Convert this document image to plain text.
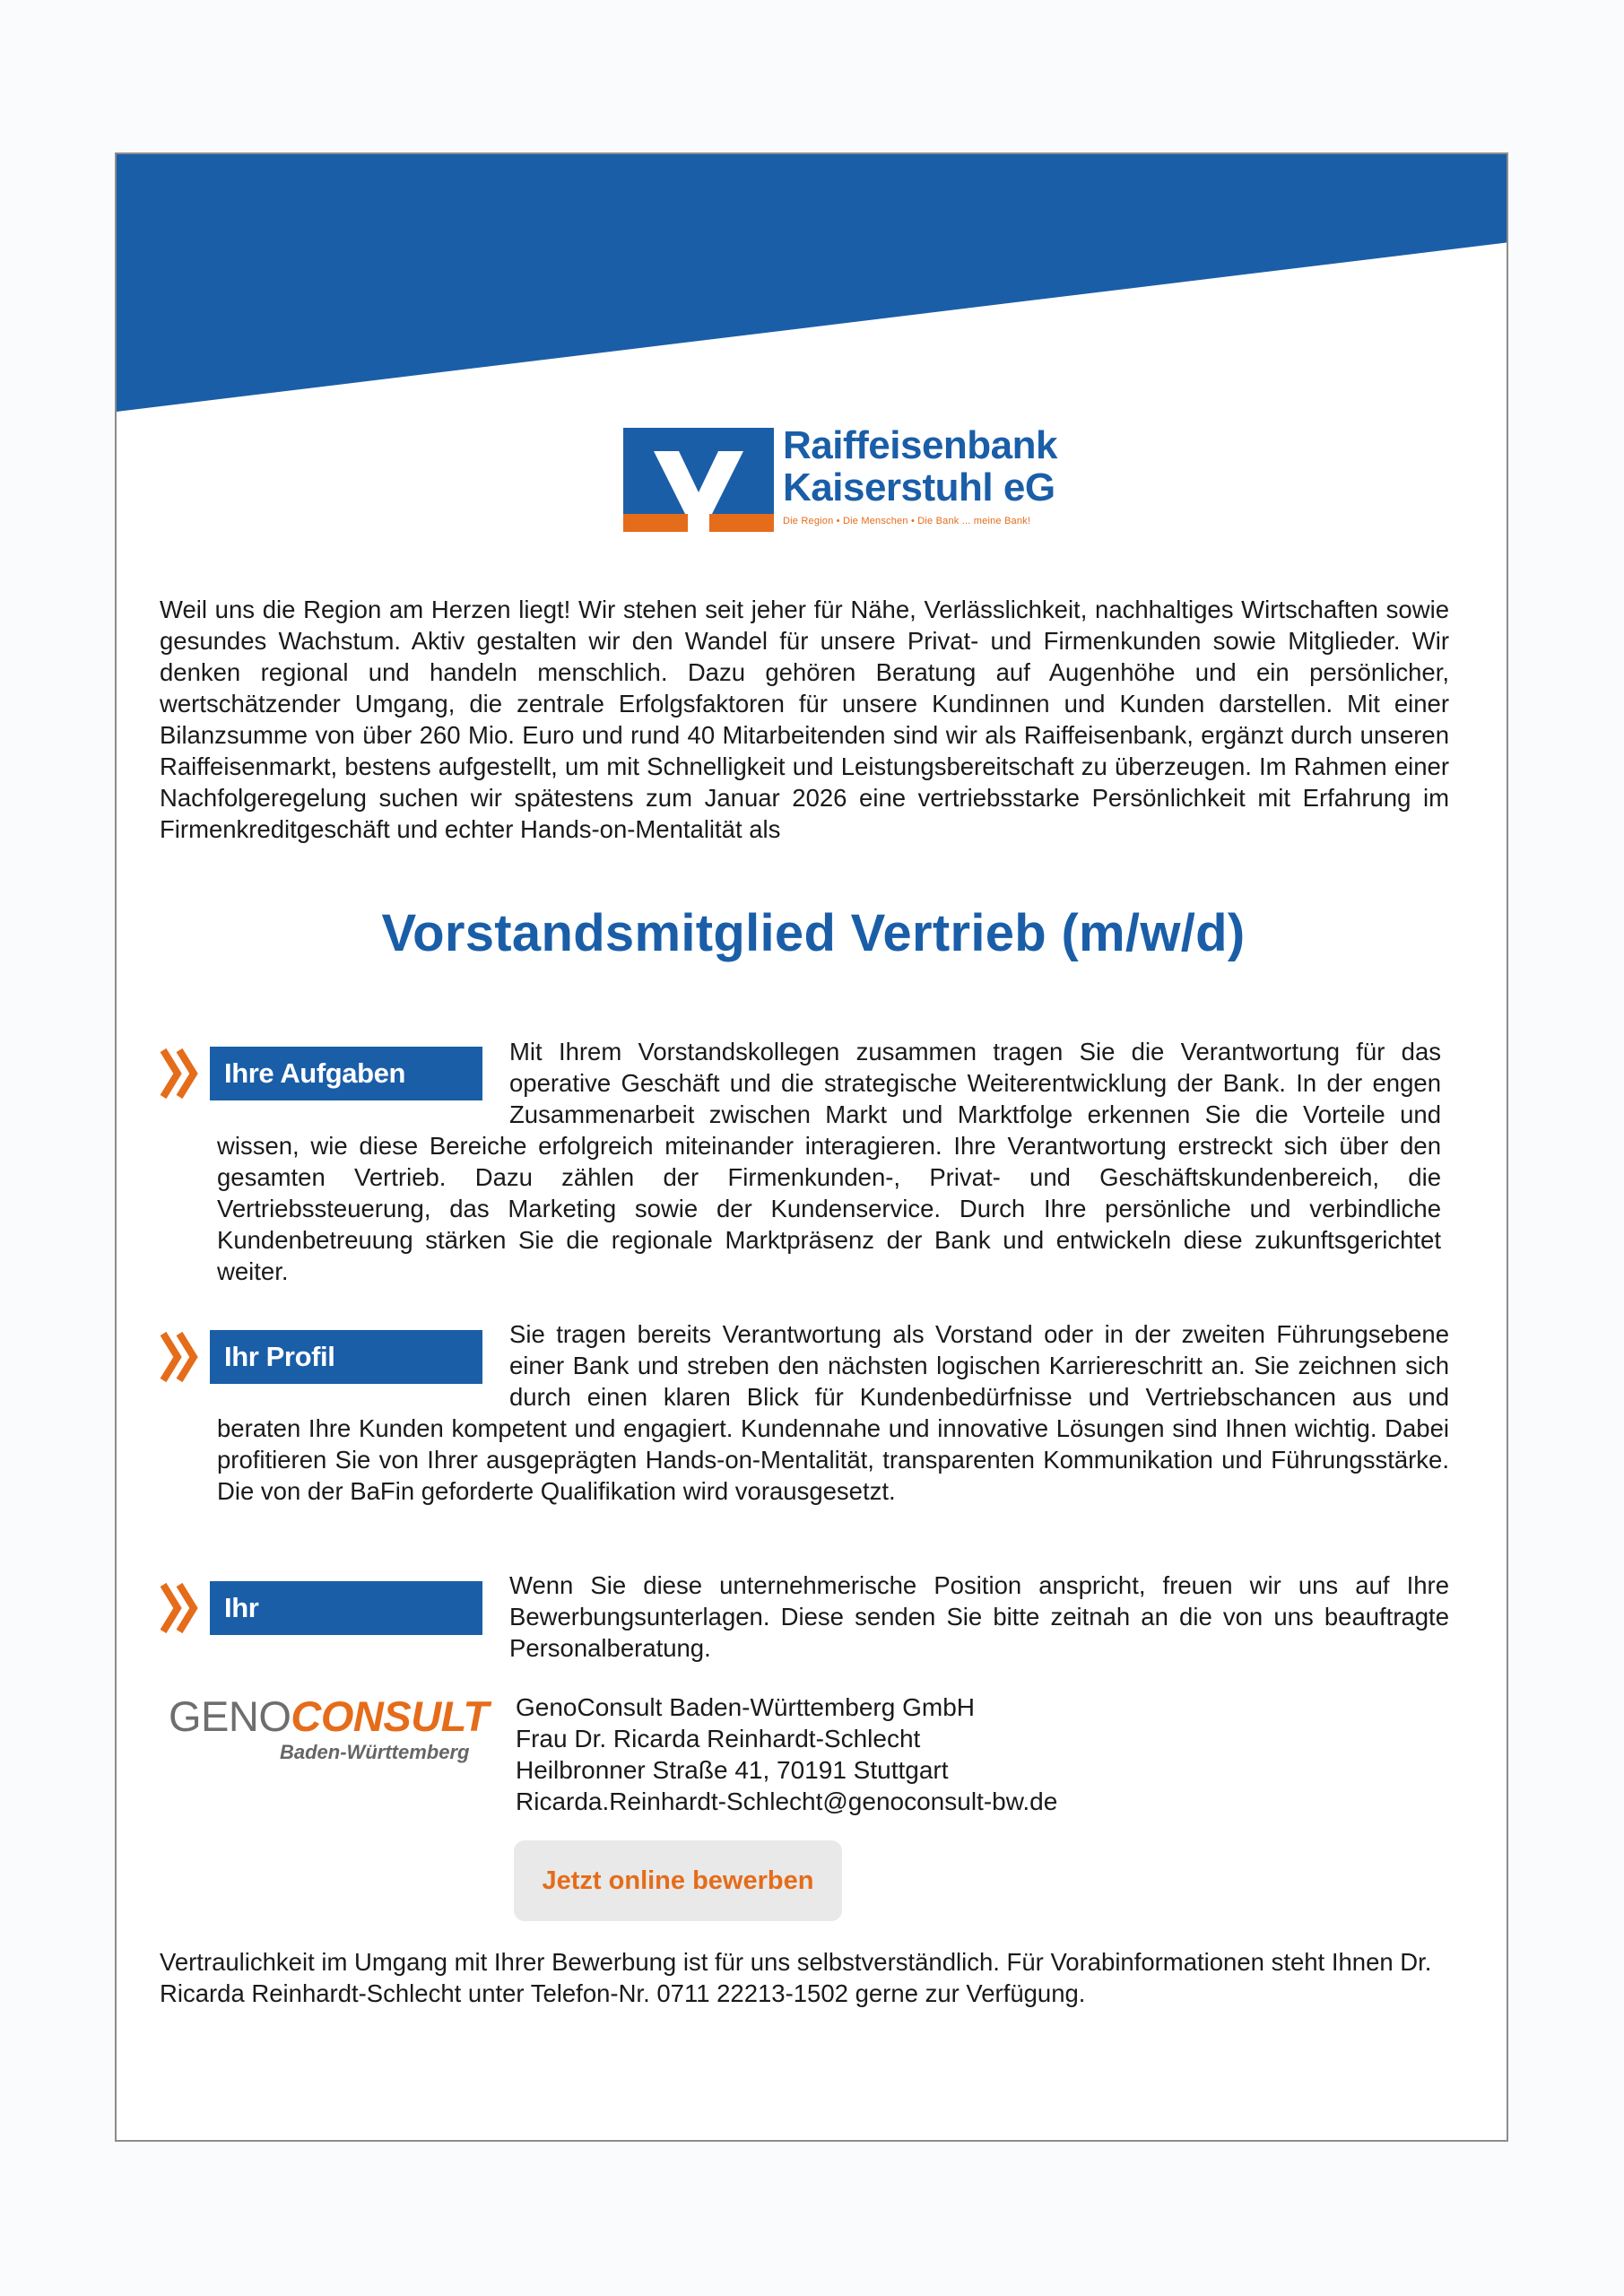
Raiffeisenbank
Kaiserstuhl eG
Die Region • Die Menschen • Die Bank ... meine Bank!

Weil uns die Region am Herzen liegt! Wir stehen seit jeher für Nähe, Verlässlichkeit, nachhaltiges Wirtschaften sowie gesundes Wachstum. Aktiv gestalten wir den Wandel für unsere Privat- und Firmenkunden sowie Mitglieder. Wir denken regional und handeln menschlich. Dazu gehören Beratung auf Augenhöhe und ein persönlicher, wertschätzender Umgang, die zentrale Erfolgsfaktoren für unsere Kundinnen und Kunden darstellen. Mit einer Bilanzsumme von über 260 Mio. Euro und rund 40 Mitarbeitenden sind wir als Raiffeisenbank, ergänzt durch unseren Raiffeisenmarkt, bestens aufgestellt, um mit Schnelligkeit und Leistungsbereitschaft zu überzeugen. Im Rahmen einer Nachfolgeregelung suchen wir spätestens zum Januar 2026 eine vertriebsstarke Persönlichkeit mit Erfahrung im Firmenkreditgeschäft und echter Hands-on-Mentalität als

Vorstandsmitglied Vertrieb (m/w/d)
Ihre Aufgaben
Mit Ihrem Vorstandskollegen zusammen tragen Sie die Verantwortung für das operative Geschäft und die strategische Weiterentwicklung der Bank. In der engen Zusammenarbeit zwischen Markt und Marktfolge erkennen Sie die Vorteile und wissen, wie diese Bereiche erfolgreich miteinander interagieren. Ihre Verantwortung erstreckt sich über den gesamten Vertrieb. Dazu zählen der Firmenkunden-, Privat- und Geschäftskundenbereich, die Vertriebssteuerung, das Marketing sowie der Kundenservice. Durch Ihre persönliche und verbindliche Kundenbetreuung stärken Sie die regionale Marktpräsenz der Bank und entwickeln diese zukunftsgerichtet weiter.
Ihr Profil
Sie tragen bereits Verantwortung als Vorstand oder in der zweiten Führungsebene einer Bank und streben den nächsten logischen Karriereschritt an. Sie zeichnen sich durch einen klaren Blick für Kundenbedürfnisse und Vertriebschancen aus und beraten Ihre Kunden kompetent und engagiert. Kundennahe und innovative Lösungen sind Ihnen wichtig. Dabei profitieren Sie von Ihrer ausgeprägten Hands-on-Mentalität, transparenten Kommunikation und Führungsstärke. Die von der BaFin geforderte Qualifikation wird vorausgesetzt.
Ihr Ansprechpartner
Wenn Sie diese unternehmerische Position anspricht, freuen wir uns auf Ihre Bewerbungsunterlagen. Diese senden Sie bitte zeitnah an die von uns beauftragte Personalberatung.
GENOCONSULT
Baden-Württemberg
GenoConsult Baden-Württemberg GmbH
Frau Dr. Ricarda Reinhardt-Schlecht
Heilbronner Straße 41, 70191 Stuttgart
Ricarda.Reinhardt-Schlecht@genoconsult-bw.de
Jetzt online bewerben

Vertraulichkeit im Umgang mit Ihrer Bewerbung ist für uns selbstverständlich. Für Vorabinformationen steht Ihnen Dr. Ricarda Reinhardt-Schlecht unter Telefon-Nr. 0711 22213-1502 gerne zur Verfügung.
